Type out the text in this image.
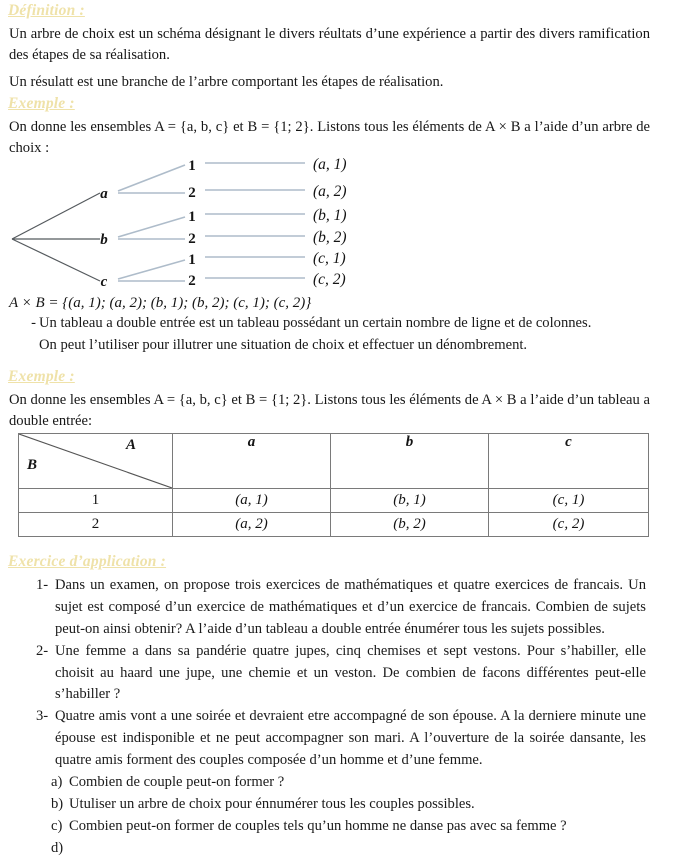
Définition :
Un arbre de choix est un schéma désignant le divers réultats d’une expérience a partir des divers ramification des étapes de sa réalisation.
Un résulatt est une branche de l’arbre comportant les étapes de réalisation.
Exemple :
On donne les ensembles A = {a, b, c} et B = {1; 2}. Listons tous les éléments de A × B a l’aide d’un arbre de choix :
a
b
c
1
2
1
2
1
2
(a, 1)
(a, 2)
(b, 1)
(b, 2)
(c, 1)
(c, 2)
A × B = {(a, 1); (a, 2); (b, 1); (b, 2); (c, 1); (c, 2)}
- Un tableau a double entrée est un tableau possédant un certain nombre de ligne et de colonnes.
On peut l’utiliser pour illutrer une situation de choix et effectuer un dénombrement.
Exemple :
On donne les ensembles A = {a, b, c} et B = {1; 2}. Listons tous les éléments de A × B a l’aide d’un tableau a double entrée:
A
B	a	b	c
1	(a, 1)	(b, 1)	(c, 1)
2	(a, 2)	(b, 2)	(c, 2)
Exercice d’application :
1- Dans un examen, on propose trois exercices de mathématiques et quatre exercices de francais. Un sujet est composé d’un exercice de mathématiques et d’un exercice de francais. Combien de sujets peut-on ainsi obtenir? A l’aide d’un tableau a double entrée énumérer tous les sujets possibles.
2- Une femme a dans sa pandérie quatre jupes, cinq chemises et sept vestons. Pour s’habiller, elle choisit au haard une jupe, une chemie et un veston. De combien de facons différentes peut-elle s’habiller ?
3- Quatre amis vont a une soirée et devraient etre accompagné de son épouse. A la derniere minute une épouse est indisponible et ne peut accompagner son mari. A l’ouverture de la soirée dansante, les quatre amis forment des couples composée d’un homme et d’une femme.
a) Combien de couple peut-on former ?
b) Utuliser un arbre de choix pour énnumérer tous les couples possibles.
c) Combien peut-on former de couples tels qu’un homme ne danse pas avec sa femme ?
d)
